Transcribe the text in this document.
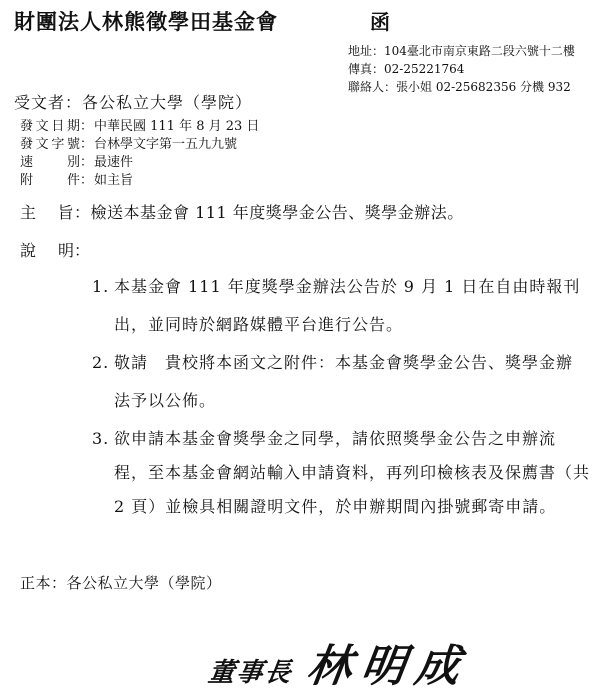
財團法人林熊徵學田基金會	函
地址：104臺北市南京東路二段六號十二樓
傳真：02-25221764
聯絡人：張小姐 02-25682356 分機 932
受文者：各公私立大學（學院）
發文日期：中華民國 111 年 8 月 23 日
發文字號：台林學文字第一五九九號
速別：最速件
附件：如主旨
主旨：檢送本基金會 111 年度獎學金公告、獎學金辦法。
說明：
1. 本基金會 111 年度獎學金辦法公告於 9 月 1 日在自由時報刊
出，並同時於網路媒體平台進行公告。
2. 敬請　貴校將本函文之附件：本基金會獎學金公告、獎學金辦
法予以公佈。
3. 欲申請本基金會獎學金之同學，請依照獎學金公告之申辦流
程，至本基金會網站輸入申請資料，再列印檢核表及保薦書（共
2 頁）並檢具相關證明文件，於申辦期間內掛號郵寄申請。
正本：各公私立大學（學院）
董事長 林明成
